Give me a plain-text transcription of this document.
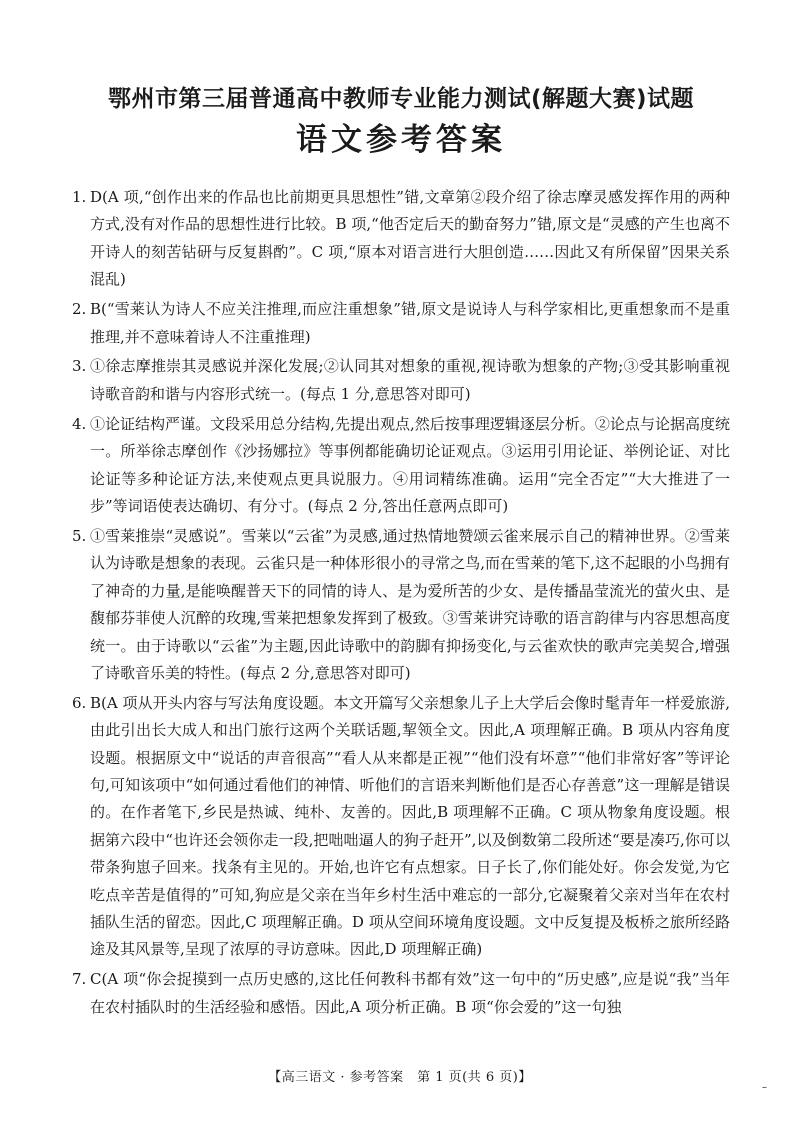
鄂州市第三届普通高中教师专业能力测试(解题大赛)试题
语文参考答案

1. D(A 项,“创作出来的作品也比前期更具思想性”错,文章第②段介绍了徐志摩灵感发挥作用的两种方式,没有对作品的思想性进行比较。B 项,“他否定后天的勤奋努力”错,原文是“灵感的产生也离不开诗人的刻苦钻研与反复斟酌”。C 项,“原本对语言进行大胆创造……因此又有所保留”因果关系混乱)

2. B(“雪莱认为诗人不应关注推理,而应注重想象”错,原文是说诗人与科学家相比,更重想象而不是重推理,并不意味着诗人不注重推理)

3. ①徐志摩推崇其灵感说并深化发展;②认同其对想象的重视,视诗歌为想象的产物;③受其影响重视诗歌音韵和谐与内容形式统一。(每点 1 分,意思答对即可)

4. ①论证结构严谨。文段采用总分结构,先提出观点,然后按事理逻辑逐层分析。②论点与论据高度统一。所举徐志摩创作《沙扬娜拉》等事例都能确切论证观点。③运用引用论证、举例论证、对比论证等多种论证方法,来使观点更具说服力。④用词精练准确。运用“完全否定”“大大推进了一步”等词语使表达确切、有分寸。(每点 2 分,答出任意两点即可)

5. ①雪莱推崇“灵感说”。雪莱以“云雀”为灵感,通过热情地赞颂云雀来展示自己的精神世界。②雪莱认为诗歌是想象的表现。云雀只是一种体形很小的寻常之鸟,而在雪莱的笔下,这不起眼的小鸟拥有了神奇的力量,是能唤醒普天下的同情的诗人、是为爱所苦的少女、是传播晶莹流光的萤火虫、是馥郁芬菲使人沉醉的玫瑰,雪莱把想象发挥到了极致。③雪莱讲究诗歌的语言韵律与内容思想高度统一。由于诗歌以“云雀”为主题,因此诗歌中的韵脚有抑扬变化,与云雀欢快的歌声完美契合,增强了诗歌音乐美的特性。(每点 2 分,意思答对即可)

6. B(A 项从开头内容与写法角度设题。本文开篇写父亲想象儿子上大学后会像时髦青年一样爱旅游,由此引出长大成人和出门旅行这两个关联话题,挈领全文。因此,A 项理解正确。B 项从内容角度设题。根据原文中“说话的声音很高”“看人从来都是正视”“他们没有坏意”“他们非常好客”等评论句,可知该项中“如何通过看他们的神情、听他们的言语来判断他们是否心存善意”这一理解是错误的。在作者笔下,乡民是热诚、纯朴、友善的。因此,B 项理解不正确。C 项从物象角度设题。根据第六段中“也许还会领你走一段,把咄咄逼人的狗子赶开”,以及倒数第二段所述“要是凑巧,你可以带条狗崽子回来。找条有主见的。开始,也许它有点想家。日子长了,你们能处好。你会发觉,为它吃点辛苦是值得的”可知,狗应是父亲在当年乡村生活中难忘的一部分,它凝聚着父亲对当年在农村插队生活的留恋。因此,C 项理解正确。D 项从空间环境角度设题。文中反复提及板桥之旅所经路途及其风景等,呈现了浓厚的寻访意味。因此,D 项理解正确)

7. C(A 项“你会捉摸到一点历史感的,这比任何教科书都有效”这一句中的“历史感”,应是说“我”当年在农村插队时的生活经验和感悟。因此,A 项分析正确。B 项“你会爱的”这一句独

【高三语文 · 参考答案　第 1 页(共 6 页)】
–
